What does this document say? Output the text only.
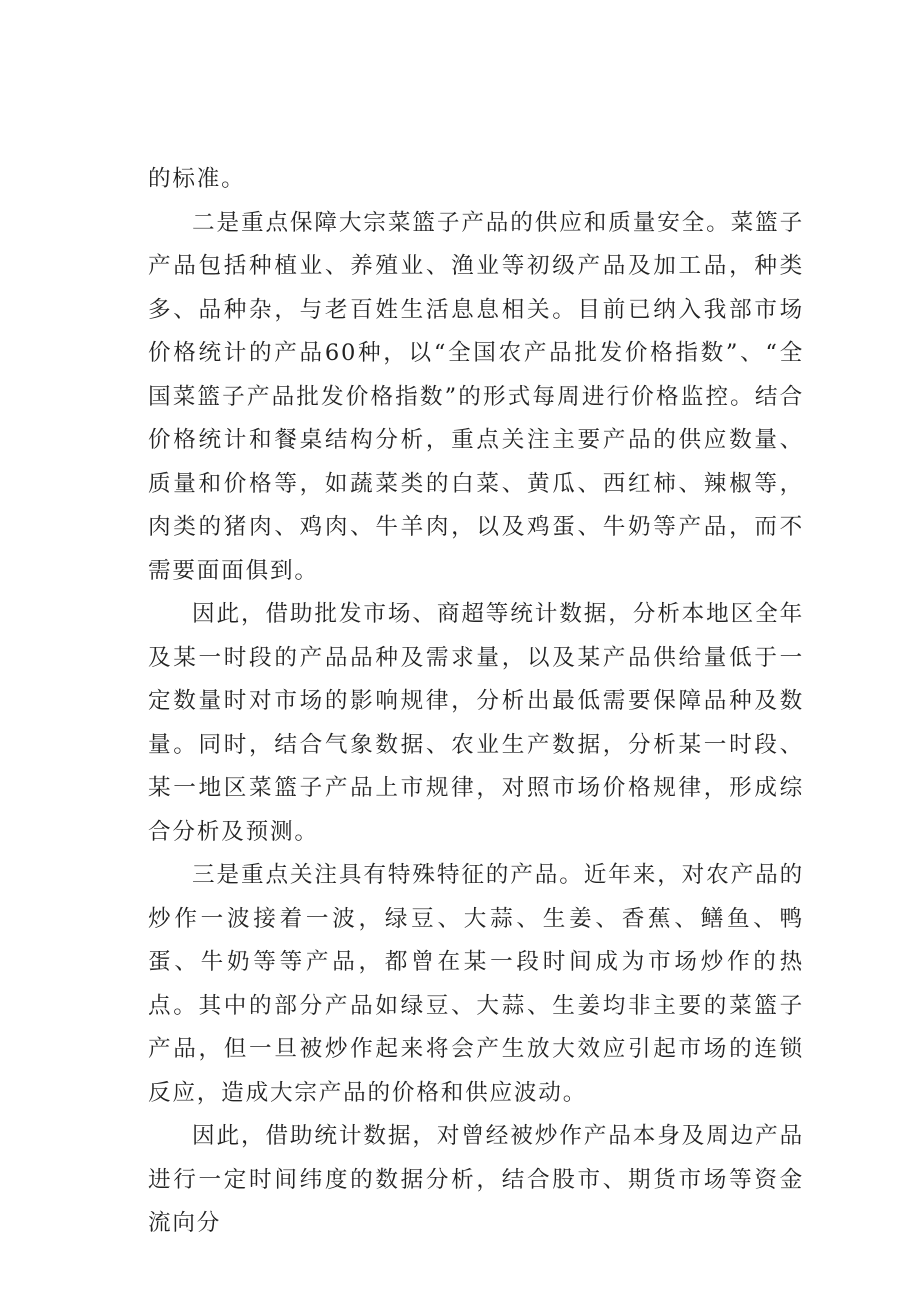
的标准。

二是重点保障大宗菜篮子产品的供应和质量安全。菜篮子产品包括种植业、养殖业、渔业等初级产品及加工品，种类多、品种杂，与老百姓生活息息相关。目前已纳入我部市场价格统计的产品60种，以“全国农产品批发价格指数”、“全国菜篮子产品批发价格指数”的形式每周进行价格监控。结合价格统计和餐桌结构分析，重点关注主要产品的供应数量、质量和价格等，如蔬菜类的白菜、黄瓜、西红柿、辣椒等，肉类的猪肉、鸡肉、牛羊肉，以及鸡蛋、牛奶等产品，而不需要面面俱到。

因此，借助批发市场、商超等统计数据，分析本地区全年及某一时段的产品品种及需求量，以及某产品供给量低于一定数量时对市场的影响规律，分析出最低需要保障品种及数量。同时，结合气象数据、农业生产数据，分析某一时段、某一地区菜篮子产品上市规律，对照市场价格规律，形成综合分析及预测。

三是重点关注具有特殊特征的产品。近年来，对农产品的炒作一波接着一波，绿豆、大蒜、生姜、香蕉、鳝鱼、鸭蛋、牛奶等等产品，都曾在某一段时间成为市场炒作的热点。其中的部分产品如绿豆、大蒜、生姜均非主要的菜篮子产品，但一旦被炒作起来将会产生放大效应引起市场的连锁反应，造成大宗产品的价格和供应波动。

因此，借助统计数据，对曾经被炒作产品本身及周边产品进行一定时间纬度的数据分析，结合股市、期货市场等资金流向分
